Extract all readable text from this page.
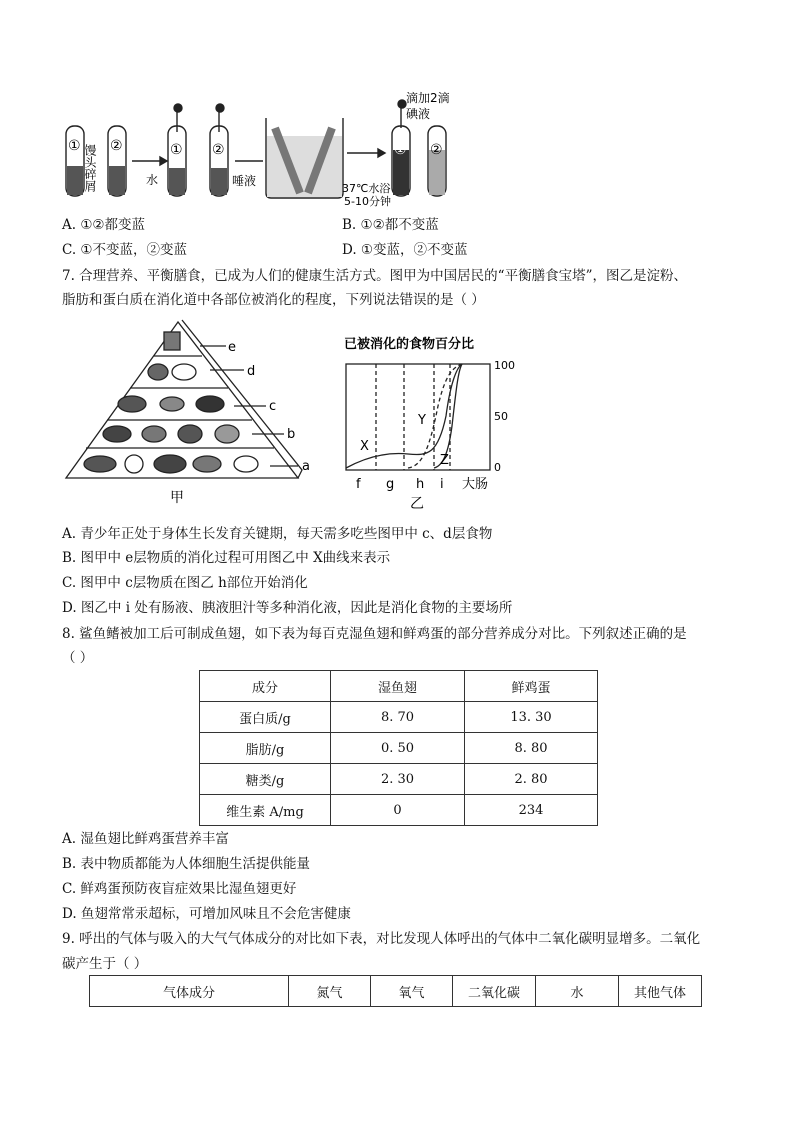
① ②	① ②	① ②
馒头碎屑	水	唾液
37℃水浴
5-10分钟
滴加2滴
碘液
A. ①②都变蓝	B. ①②都不变蓝
C. ①不变蓝，②变蓝	D. ①变蓝，②不变蓝
7. 合理营养、平衡膳食，已成为人们的健康生活方式。图甲为中国居民的“平衡膳食宝塔”，图乙是淀粉、
脂肪和蛋白质在消化道中各部位被消化的程度，下列说法错误的是（ ）
e
d
c
b
a
甲
已被消化的食物百分比
100
50
0
X
Y
Z
f g h i 大肠
乙
A. 青少年正处于身体生长发育关键期，每天需多吃些图甲中 c、d层食物
B. 图甲中 e层物质的消化过程可用图乙中 X曲线来表示
C. 图甲中 c层物质在图乙 h部位开始消化
D. 图乙中 i 处有肠液、胰液胆汁等多种消化液，因此是消化食物的主要场所
8. 鲨鱼鳍被加工后可制成鱼翅，如下表为每百克湿鱼翅和鲜鸡蛋的部分营养成分对比。下列叙述正确的是
（ ）
成分	湿鱼翅	鲜鸡蛋
蛋白质/g	8. 70	13. 30
脂肪/g	0. 50	8. 80
糖类/g	2. 30	2. 80
维生素 A/mg	0	234
A. 湿鱼翅比鲜鸡蛋营养丰富
B. 表中物质都能为人体细胞生活提供能量
C. 鲜鸡蛋预防夜盲症效果比湿鱼翅更好
D. 鱼翅常常汞超标，可增加风味且不会危害健康
9. 呼出的气体与吸入的大气气体成分的对比如下表，对比发现人体呼出的气体中二氧化碳明显增多。二氧化
碳产生于（ ）
气体成分	氮气	氧气	二氧化碳	水	其他气体
